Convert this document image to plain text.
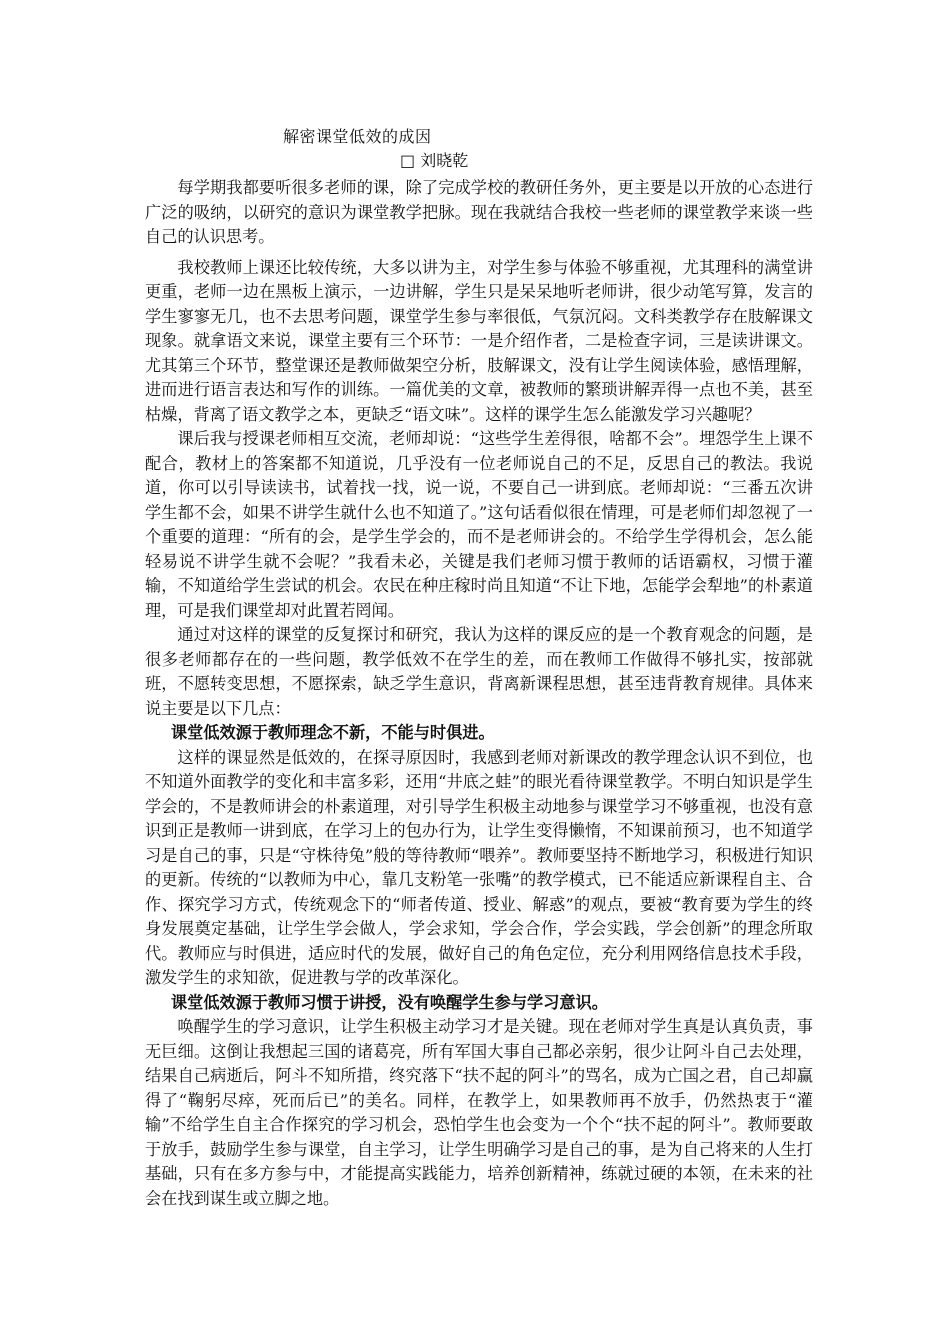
解密课堂低效的成因
□ 刘晓乾

每学期我都要听很多老师的课，除了完成学校的教研任务外，更主要是以开放的心态进行广泛的吸纳，以研究的意识为课堂教学把脉。现在我就结合我校一些老师的课堂教学来谈一些自己的认识思考。

我校教师上课还比较传统，大多以讲为主，对学生参与体验不够重视，尤其理科的满堂讲更重，老师一边在黑板上演示，一边讲解，学生只是呆呆地听老师讲，很少动笔写算，发言的学生寥寥无几，也不去思考问题，课堂学生参与率很低，气氛沉闷。文科类教学存在肢解课文现象。就拿语文来说，课堂主要有三个环节：一是介绍作者，二是检查字词，三是读讲课文。尤其第三个环节，整堂课还是教师做架空分析，肢解课文，没有让学生阅读体验，感悟理解，进而进行语言表达和写作的训练。一篇优美的文章，被教师的繁琐讲解弄得一点也不美，甚至枯燥，背离了语文教学之本，更缺乏“语文味”。这样的课学生怎么能激发学习兴趣呢？

课后我与授课老师相互交流，老师却说：“这些学生差得很，啥都不会”。埋怨学生上课不配合，教材上的答案都不知道说，几乎没有一位老师说自己的不足，反思自己的教法。我说道，你可以引导读读书，试着找一找，说一说，不要自己一讲到底。老师却说：“三番五次讲学生都不会，如果不讲学生就什么也不知道了。”这句话看似很在情理，可是老师们却忽视了一个重要的道理：“所有的会，是学生学会的，而不是老师讲会的。不给学生学得机会，怎么能轻易说不讲学生就不会呢？”我看未必，关键是我们老师习惯于教师的话语霸权，习惯于灌输，不知道给学生尝试的机会。农民在种庄稼时尚且知道“不让下地，怎能学会犁地”的朴素道理，可是我们课堂却对此置若罔闻。

通过对这样的课堂的反复探讨和研究，我认为这样的课反应的是一个教育观念的问题，是很多老师都存在的一些问题，教学低效不在学生的差，而在教师工作做得不够扎实，按部就班，不愿转变思想，不愿探索，缺乏学生意识，背离新课程思想，甚至违背教育规律。具体来说主要是以下几点：

课堂低效源于教师理念不新，不能与时俱进。

这样的课显然是低效的，在探寻原因时，我感到老师对新课改的教学理念认识不到位，也不知道外面教学的变化和丰富多彩，还用“井底之蛙”的眼光看待课堂教学。不明白知识是学生学会的，不是教师讲会的朴素道理，对引导学生积极主动地参与课堂学习不够重视，也没有意识到正是教师一讲到底，在学习上的包办行为，让学生变得懒惰，不知课前预习，也不知道学习是自己的事，只是“守株待兔”般的等待教师“喂养”。教师要坚持不断地学习，积极进行知识的更新。传统的“以教师为中心，靠几支粉笔一张嘴”的教学模式，已不能适应新课程自主、合作、探究学习方式，传统观念下的“师者传道、授业、解惑”的观点，要被“教育要为学生的终身发展奠定基础，让学生学会做人，学会求知，学会合作，学会实践，学会创新”的理念所取代。教师应与时俱进，适应时代的发展，做好自己的角色定位，充分利用网络信息技术手段，激发学生的求知欲，促进教与学的改革深化。

课堂低效源于教师习惯于讲授，没有唤醒学生参与学习意识。

唤醒学生的学习意识，让学生积极主动学习才是关键。现在老师对学生真是认真负责，事无巨细。这倒让我想起三国的诸葛亮，所有军国大事自己都必亲躬，很少让阿斗自己去处理，结果自己病逝后，阿斗不知所措，终究落下“扶不起的阿斗”的骂名，成为亡国之君，自己却赢得了“鞠躬尽瘁，死而后已”的美名。同样，在教学上，如果教师再不放手，仍然热衷于“灌输”不给学生自主合作探究的学习机会，恐怕学生也会变为一个个“扶不起的阿斗”。教师要敢于放手，鼓励学生参与课堂，自主学习，让学生明确学习是自己的事，是为自己将来的人生打基础，只有在多方参与中，才能提高实践能力，培养创新精神，练就过硬的本领，在未来的社会在找到谋生或立脚之地。
